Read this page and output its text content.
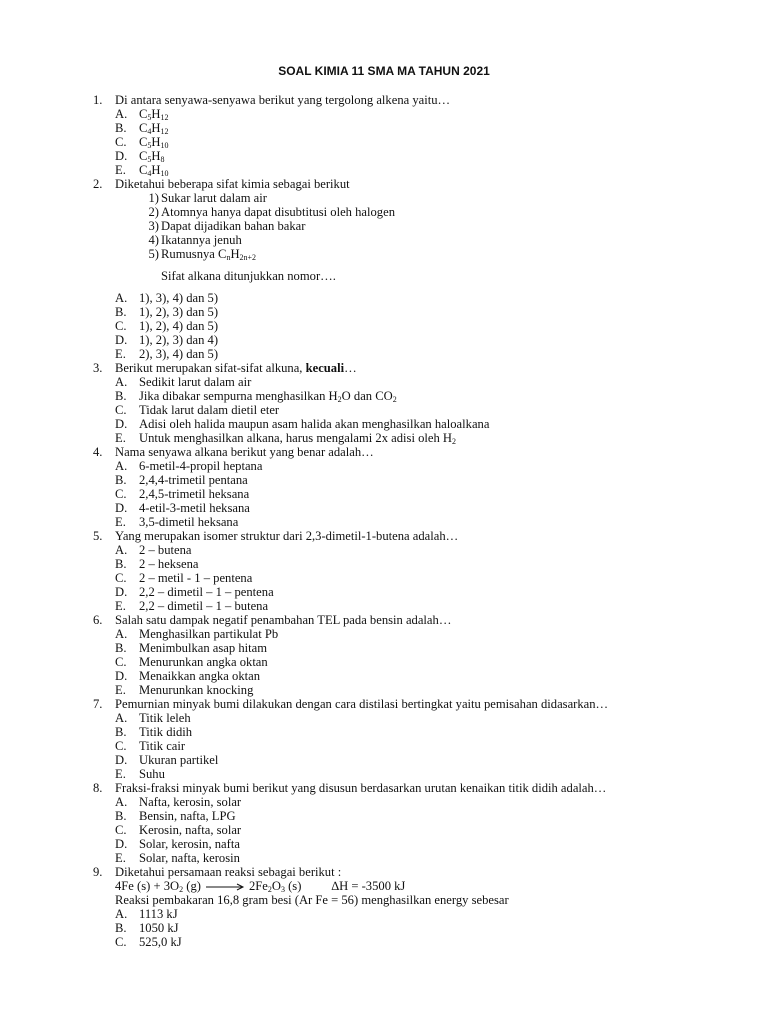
SOAL KIMIA 11 SMA MA TAHUN 2021
1. Di antara senyawa-senyawa berikut yang tergolong alkena yaitu…
A. $C_5H_{12}$
B. $C_4H_{12}$
C. $C_5H_{10}$
D. $C_5H_8$
E. $C_4H_{10}$
2. Diketahui beberapa sifat kimia sebagai berikut
1) Sukar larut dalam air
2) Atomnya hanya dapat disubtitusi oleh halogen
3) Dapat dijadikan bahan bakar
4) Ikatannya jenuh
5) Rumusnya $C_nH_{2n+2}$
Sifat alkana ditunjukkan nomor….
A. 1), 3), 4) dan 5)
B. 1), 2), 3) dan 5)
C. 1), 2), 4) dan 5)
D. 1), 2), 3) dan 4)
E. 2), 3), 4) dan 5)
3. Berikut merupakan sifat-sifat alkuna, kecuali…
A. Sedikit larut dalam air
B. Jika dibakar sempurna menghasilkan $H_2O$ dan $CO_2$
C. Tidak larut dalam dietil eter
D. Adisi oleh halida maupun asam halida akan menghasilkan haloalkana
E. Untuk menghasilkan alkana, harus mengalami 2x adisi oleh $H_2$
4. Nama senyawa alkana berikut yang benar adalah…
A. 6-metil-4-propil heptana
B. 2,4,4-trimetil pentana
C. 2,4,5-trimetil heksana
D. 4-etil-3-metil heksana
E. 3,5-dimetil heksana
5. Yang merupakan isomer struktur dari 2,3-dimetil-1-butena adalah…
A. 2 – butena
B. 2 – heksena
C. 2 – metil - 1 – pentena
D. 2,2 – dimetil – 1 – pentena
E. 2,2 – dimetil – 1 – butena
6. Salah satu dampak negatif penambahan TEL pada bensin adalah…
A. Menghasilkan partikulat Pb
B. Menimbulkan asap hitam
C. Menurunkan angka oktan
D. Menaikkan angka oktan
E. Menurunkan knocking
7. Pemurnian minyak bumi dilakukan dengan cara distilasi bertingkat yaitu pemisahan didasarkan…
A. Titik leleh
B. Titik didih
C. Titik cair
D. Ukuran partikel
E. Suhu
8. Fraksi-fraksi minyak bumi berikut yang disusun berdasarkan urutan kenaikan titik didih adalah…
A. Nafta, kerosin, solar
B. Bensin, nafta, LPG
C. Kerosin, nafta, solar
D. Solar, kerosin, nafta
E. Solar, nafta, kerosin
9. Diketahui persamaan reaksi sebagai berikut :
4Fe $(s) + 3O_2$ $(g) \to 2Fe_2O_3$ (s) ∆H = -3500 kJ
Reaksi pembakaran 16,8 gram besi (Ar Fe = 56) menghasilkan energy sebesar
A. 1113 kJ
B. 1050 kJ
C. 525,0 kJ
